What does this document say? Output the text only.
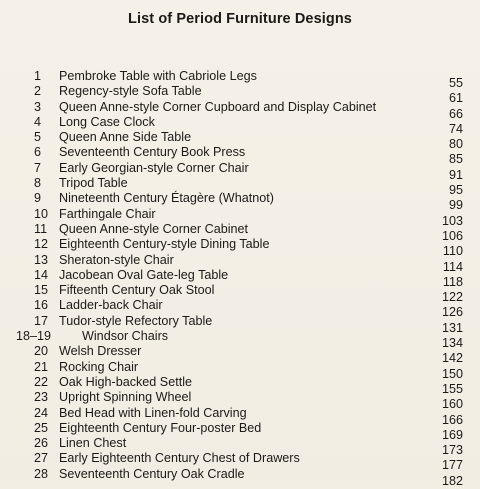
List of Period Furniture Designs
1	Pembroke Table with Cabriole Legs	55
2	Regency-style Sofa Table	61
3	Queen Anne-style Corner Cupboard and Display Cabinet	66
4	Long Case Clock	74
5	Queen Anne Side Table	80
6	Seventeenth Century Book Press	85
7	Early Georgian-style Corner Chair	91
8	Tripod Table	95
9	Nineteenth Century Étagère (Whatnot)	99
10 Farthingale Chair	103
11 Queen Anne-style Corner Cabinet	106
12 Eighteenth Century-style Dining Table	110
13 Sheraton-style Chair	114
14 Jacobean Oval Gate-leg Table	118
15 Fifteenth Century Oak Stool	122
16 Ladder-back Chair	126
17 Tudor-style Refectory Table	131
18–19	Windsor Chairs	134
20 Welsh Dresser	142
21 Rocking Chair	150
22 Oak High-backed Settle	155
23 Upright Spinning Wheel	160
24 Bed Head with Linen-fold Carving	166
25 Eighteenth Century Four-poster Bed	169
26 Linen Chest	173
27 Early Eighteenth Century Chest of Drawers	177
28 Seventeenth Century Oak Cradle	182
